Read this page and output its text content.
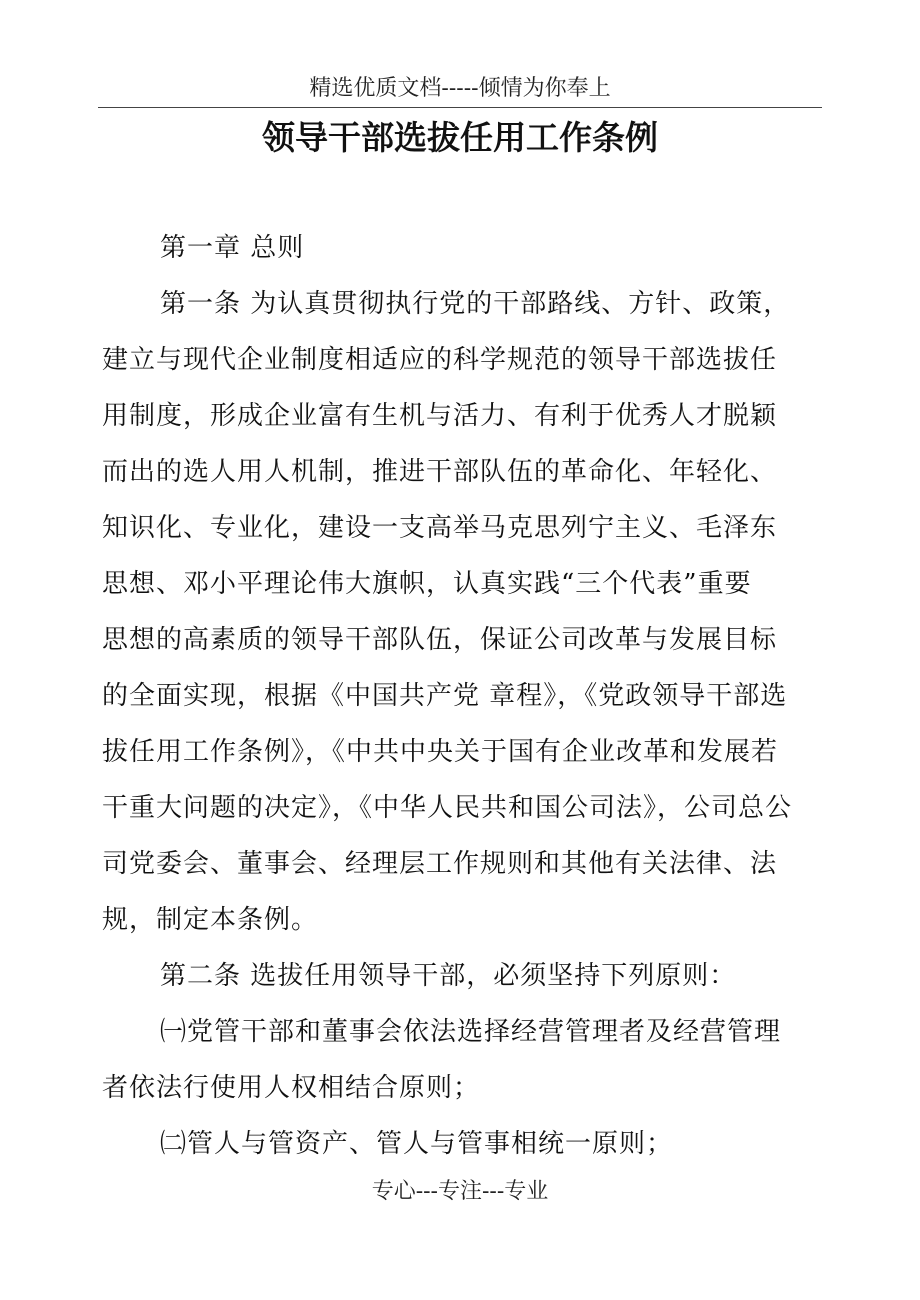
精选优质文档-----倾情为你奉上
领导干部选拔任用工作条例
第一章 总则
第一条 为认真贯彻执行党的干部路线、方针、政策，
建立与现代企业制度相适应的科学规范的领导干部选拔任
用制度，形成企业富有生机与活力、有利于优秀人才脱颖
而出的选人用人机制，推进干部队伍的革命化、年轻化、
知识化、专业化，建设一支高举马克思列宁主义、毛泽东
思想、邓小平理论伟大旗帜，认真实践“三个代表”重要
思想的高素质的领导干部队伍，保证公司改革与发展目标
的全面实现，根据《中国共产党 章程》，《党政领导干部选
拔任用工作条例》，《中共中央关于国有企业改革和发展若
干重大问题的决定》，《中华人民共和国公司法》，公司总公
司党委会、董事会、经理层工作规则和其他有关法律、法
规，制定本条例。
第二条 选拔任用领导干部，必须坚持下列原则：
㈠党管干部和董事会依法选择经营管理者及经营管理
者依法行使用人权相结合原则；
㈡管人与管资产、管人与管事相统一原则；
专心---专注---专业
